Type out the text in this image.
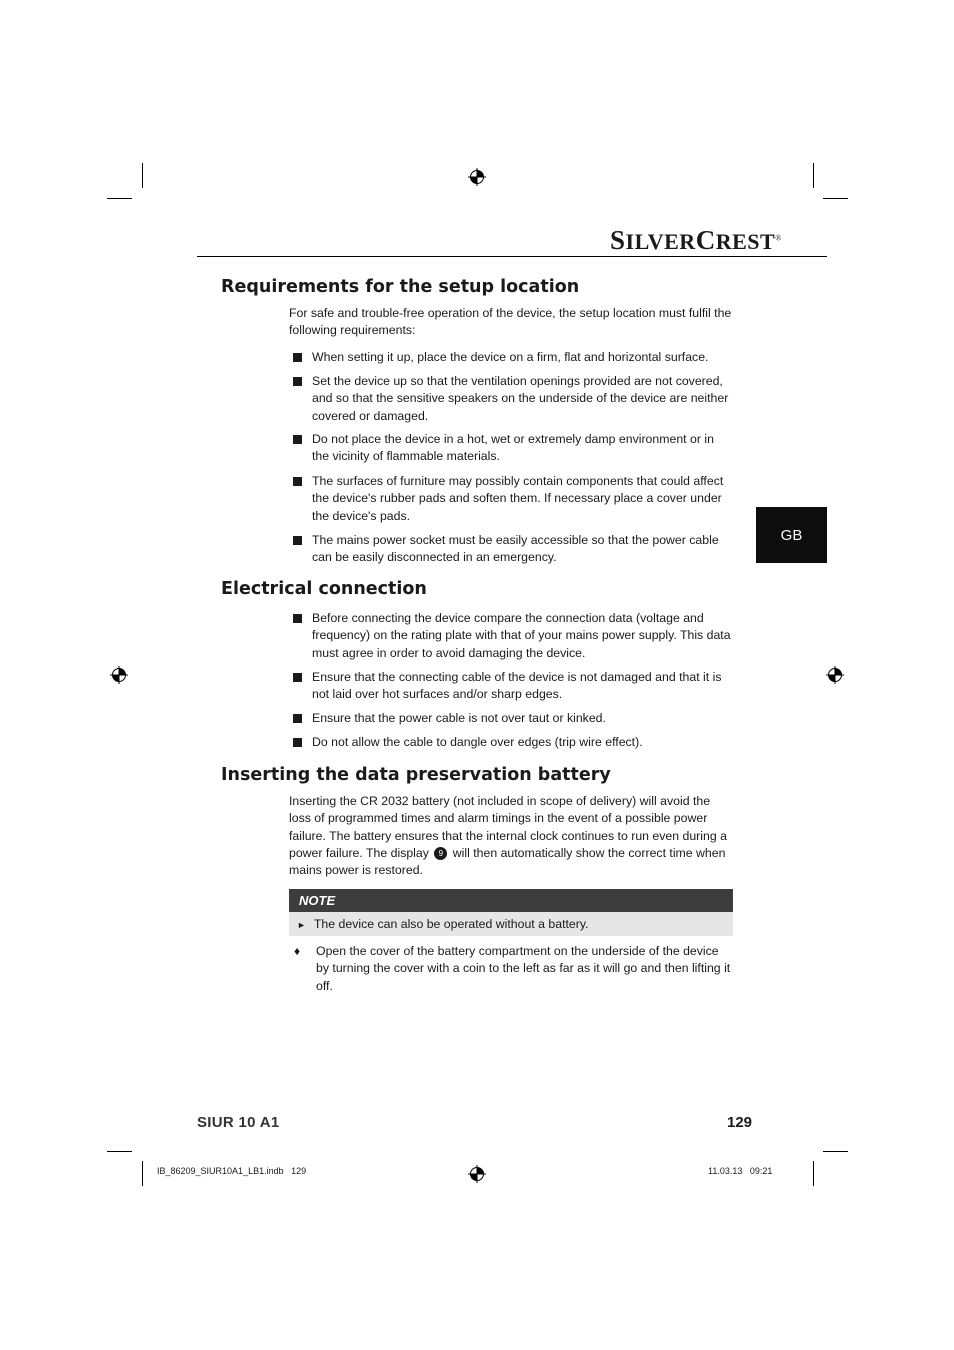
SILVERCREST®
GB
Requirements for the setup location
For safe and trouble-free operation of the device, the setup location must fulfil the following requirements:
When setting it up, place the device on a firm, flat and horizontal surface.
Set the device up so that the ventilation openings provided are not covered, and so that the sensitive speakers on the underside of the device are neither covered or damaged.
Do not place the device in a hot, wet or extremely damp environment or in the vicinity of flammable materials.
The surfaces of furniture may possibly contain components that could affect the device's rubber pads and soften them. If necessary place a cover under the device's pads.
The mains power socket must be easily accessible so that the power cable can be easily disconnected in an emergency.
Electrical connection
Before connecting the device compare the connection data (voltage and frequency) on the rating plate with that of your mains power supply. This data must agree in order to avoid damaging the device.
Ensure that the connecting cable of the device is not damaged and that it is not laid over hot surfaces and/or sharp edges.
Ensure that the power cable is not over taut or kinked.
Do not allow the cable to dangle over edges (trip wire effect).
Inserting the data preservation battery
Inserting the CR 2032 battery (not included in scope of delivery) will avoid the loss of programmed times and alarm timings in the event of a possible power failure. The battery ensures that the internal clock continues to run even during a power failure. The display 9 will then automatically show the correct time when mains power is restored.
NOTE
► The device can also be operated without a battery.
♦ Open the cover of the battery compartment on the underside of the device by turning the cover with a coin to the left as far as it will go and then lifting it off.
SIUR 10 A1	129
IB_86209_SIUR10A1_LB1.indb   129	11.03.13   09:21
